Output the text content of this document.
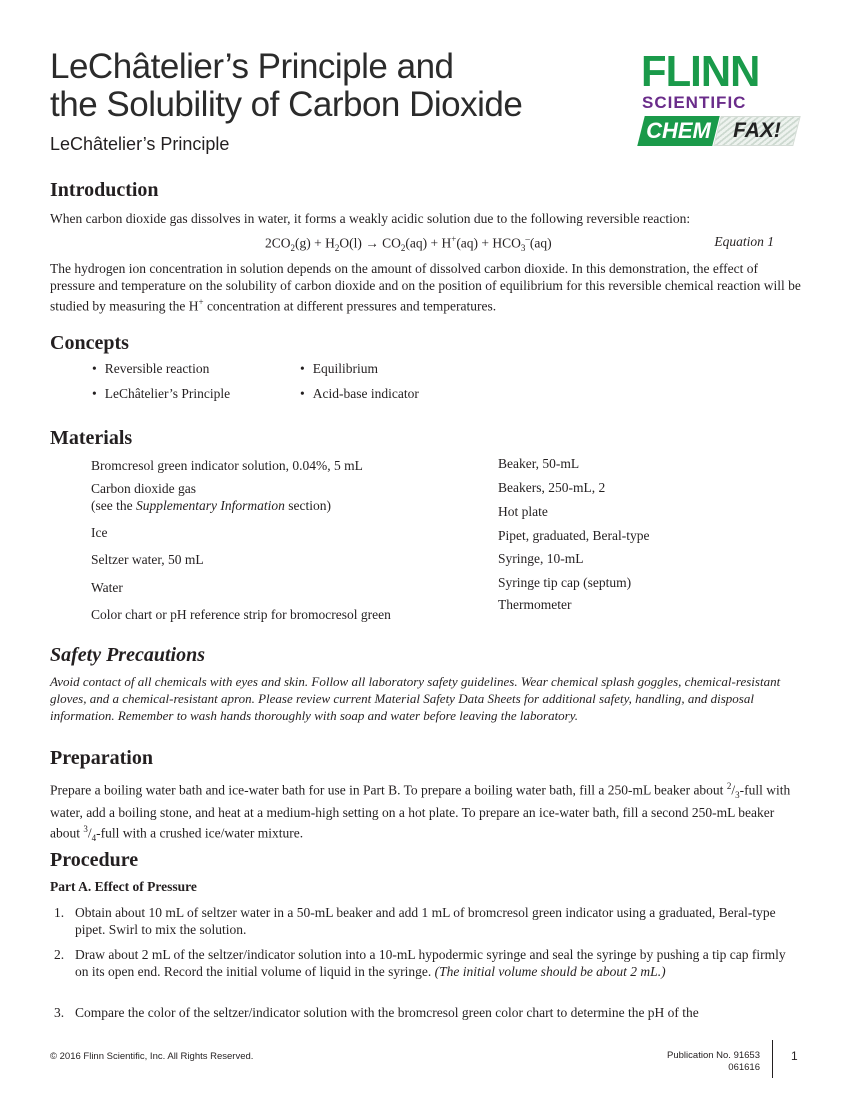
LeChâtelier’s Principle and
the Solubility of Carbon Dioxide
LeChâtelier’s Principle
FLINN
SCIENTIFIC
CHEM	FAX!
Introduction
When carbon dioxide gas dissolves in water, it forms a weakly acidic solution due to the following reversible reaction:
$2CO_2(g) + H_2O(l) \to CO_2(aq) + H^+(aq) + HCO_3^-(aq)$	Equation 1
The hydrogen ion concentration in solution depends on the amount of dissolved carbon dioxide. In this demonstration, the effect of pressure and temperature on the solubility of carbon dioxide and on the position of equilibrium for this reversible chemical reaction will be studied by measuring the H+ concentration at different pressures and temperatures.
Concepts
• Reversible reaction	• Equilibrium
• LeChâtelier’s Principle	• Acid-base indicator
Materials
Bromcresol green indicator solution, 0.04%, 5 mL
Carbon dioxide gas
(see the Supplementary Information section)
Ice
Seltzer water, 50 mL
Water
Color chart or pH reference strip for bromocresol green
Beaker, 50-mL
Beakers, 250-mL, 2
Hot plate
Pipet, graduated, Beral-type
Syringe, 10-mL
Syringe tip cap (septum)
Thermometer
Safety Precautions
Avoid contact of all chemicals with eyes and skin. Follow all laboratory safety guidelines. Wear chemical splash goggles, chemical-resistant gloves, and a chemical-resistant apron. Please review current Material Safety Data Sheets for additional safety, handling, and disposal information. Remember to wash hands thoroughly with soap and water before leaving the laboratory.
Preparation
Prepare a boiling water bath and ice-water bath for use in Part B. To prepare a boiling water bath, fill a 250-mL beaker about $^2/_3$-full with water, add a boiling stone, and heat at a medium-high setting on a hot plate. To prepare an ice-water bath, fill a second 250-mL beaker about $^3/_4$-full with a crushed ice/water mixture.
Procedure
Part A. Effect of Pressure
1. Obtain about 10 mL of seltzer water in a 50-mL beaker and add 1 mL of bromcresol green indicator using a graduated, Beral-type pipet. Swirl to mix the solution.
2. Draw about 2 mL of the seltzer/indicator solution into a 10-mL hypodermic syringe and seal the syringe by pushing a tip cap firmly on its open end. Record the initial volume of liquid in the syringe. (The initial volume should be about 2 mL.)
3. Compare the color of the seltzer/indicator solution with the bromcresol green color chart to determine the pH of the
© 2016 Flinn Scientific, Inc. All Rights Reserved.	Publication No. 91653
061616
1
